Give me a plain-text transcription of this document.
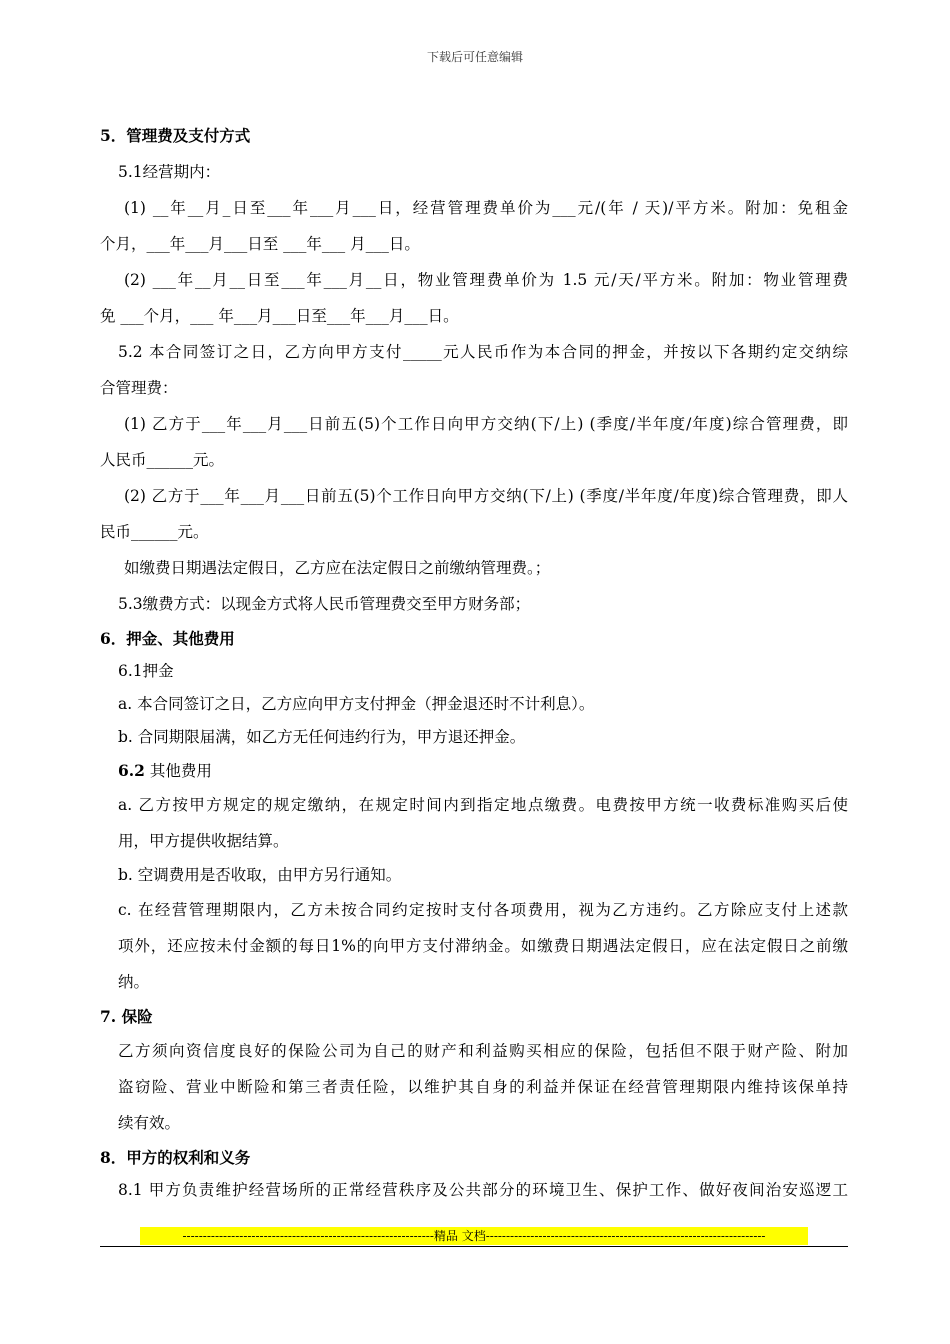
下载后可任意编辑
5．管理费及支付方式
5.1经营期内：
(1) __年__月_日至___年___月___日，经营管理费单价为___元/(年 / 天)/平方米。附加：免租金
个月，___年___月___日至 ___年___ 月___日。
(2) ___年__月__日至___年___月__日，物业管理费单价为 1.5 元/天/平方米。附加：物业管理费
免 ___个月，___ 年___月___日至___年___月___日。
5.2 本合同签订之日，乙方向甲方支付_____元人民币作为本合同的押金，并按以下各期约定交纳综
合管理费：
(1) 乙方于___年___月___日前五(5)个工作日向甲方交纳(下/上) (季度/半年度/年度)综合管理费，即
人民币______元。
(2) 乙方于___年___月___日前五(5)个工作日向甲方交纳(下/上) (季度/半年度/年度)综合管理费，即人
民币______元。
如缴费日期遇法定假日，乙方应在法定假日之前缴纳管理费。；
5.3缴费方式：以现金方式将人民币管理费交至甲方财务部；
6．押金、其他费用
6.1押金
a. 本合同签订之日，乙方应向甲方支付押金（押金退还时不计利息）。
b. 合同期限届满，如乙方无任何违约行为，甲方退还押金。
6.2 其他费用
a. 乙方按甲方规定的规定缴纳，在规定时间内到指定地点缴费。电费按甲方统一收费标准购买后使
用，甲方提供收据结算。
b. 空调费用是否收取，由甲方另行通知。
c. 在经营管理期限内，乙方未按合同约定按时支付各项费用，视为乙方违约。乙方除应支付上述款
项外，还应按未付金额的每日1%的向甲方支付滞纳金。如缴费日期遇法定假日，应在法定假日之前缴
纳。
7. 保险
乙方须向资信度良好的保险公司为自己的财产和利益购买相应的保险，包括但不限于财产险、附加
盗窃险、营业中断险和第三者责任险，以维护其自身的利益并保证在经营管理期限内维持该保单持
续有效。
8．甲方的权利和义务
8.1 甲方负责维护经营场所的正常经营秩序及公共部分的环境卫生、保护工作、做好夜间治安巡逻工
--------------------------------------------------------------精品 文档---------------------------------------------------------------------
